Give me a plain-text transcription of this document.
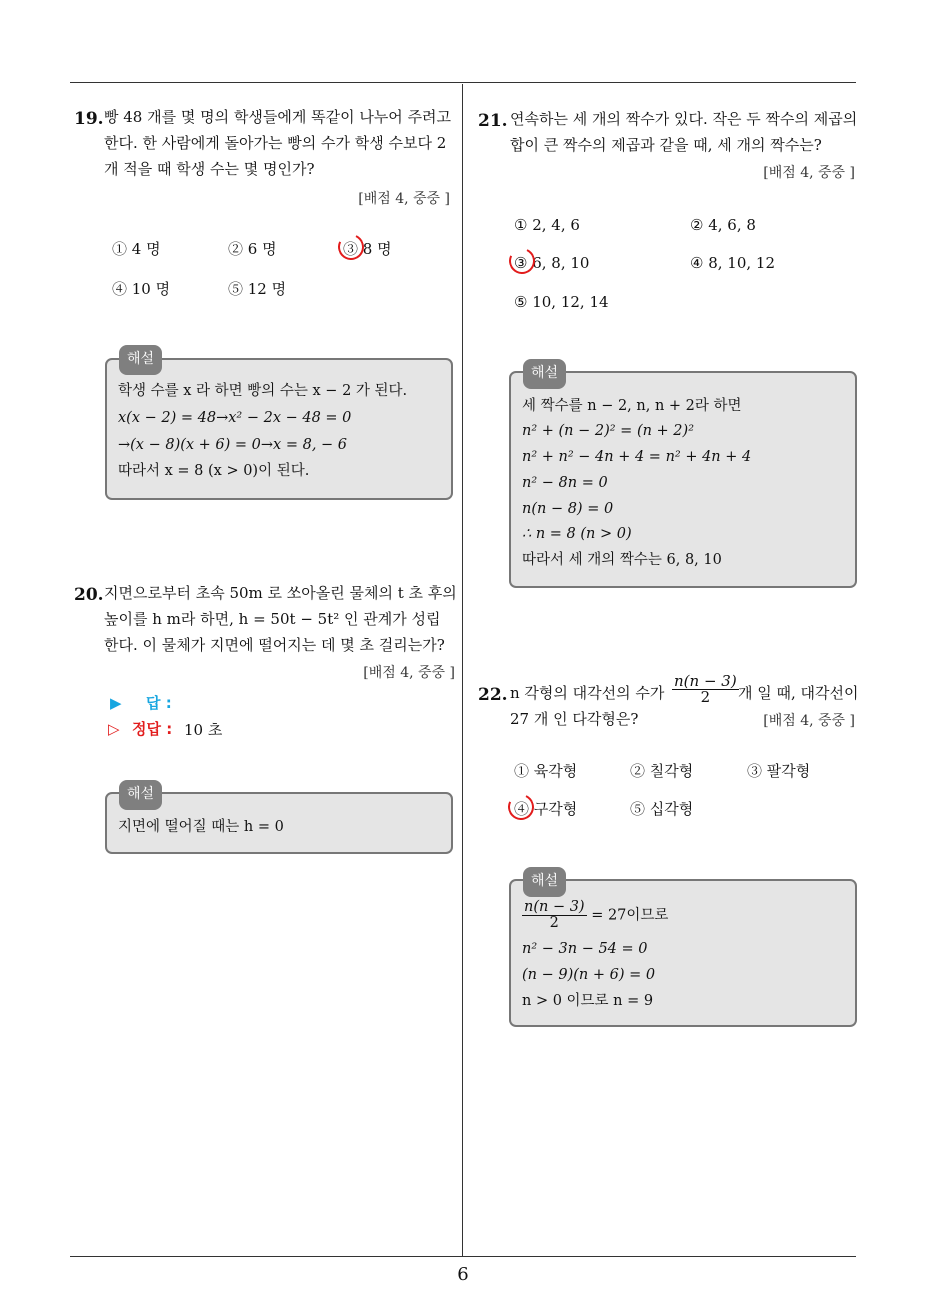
19. 빵 48 개를 몇 명의 학생들에게 똑같이 나누어 주려고
한다. 한 사람에게 돌아가는 빵의 수가 학생 수보다 2
개 적을 때 학생 수는 몇 명인가?
[배점 4, 중중 ]
① 4 명	② 6 명	③ 8 명
④ 10 명	⑤ 12 명
해설
학생 수를 x 라 하면 빵의 수는 x − 2 가 된다.
x(x − 2) = 48→x² − 2x − 48 = 0
→(x − 8)(x + 6) = 0→x = 8, − 6
따라서 x = 8 (x > 0)이 된다.
20. 지면으로부터 초속 50m 로 쏘아올린 물체의 t 초 후의
높이를 h m라 하면, h = 50t − 5t² 인 관계가 성립
한다. 이 물체가 지면에 떨어지는 데 몇 초 걸리는가?
[배점 4, 중중 ]
▶ 답 :
▷ 정답 : 10 초
해설
지면에 떨어질 때는 h = 0
21. 연속하는 세 개의 짝수가 있다. 작은 두 짝수의 제곱의
합이 큰 짝수의 제곱과 같을 때, 세 개의 짝수는?
[배점 4, 중중 ]
① 2, 4, 6	② 4, 6, 8
③ 6, 8, 10	④ 8, 10, 12
⑤ 10, 12, 14
해설
세 짝수를 n − 2, n, n + 2라 하면
n² + (n − 2)² = (n + 2)²
n² + n² − 4n + 4 = n² + 4n + 4
n² − 8n = 0
n(n − 8) = 0
∴ n = 8 (n > 0)
따라서 세 개의 짝수는 6, 8, 10
22. n 각형의 대각선의 수가 $\frac{n(n - 3)}{2}$ 개 일 때, 대각선이
27 개 인 다각형은?	[배점 4, 중중 ]
① 육각형	② 칠각형	③ 팔각형
④ 구각형	⑤ 십각형
해설
$\frac{n(n - 3)}{2} = 27$이므로
n² − 3n − 54 = 0
(n − 9)(n + 6) = 0
n > 0 이므로 n = 9
6
